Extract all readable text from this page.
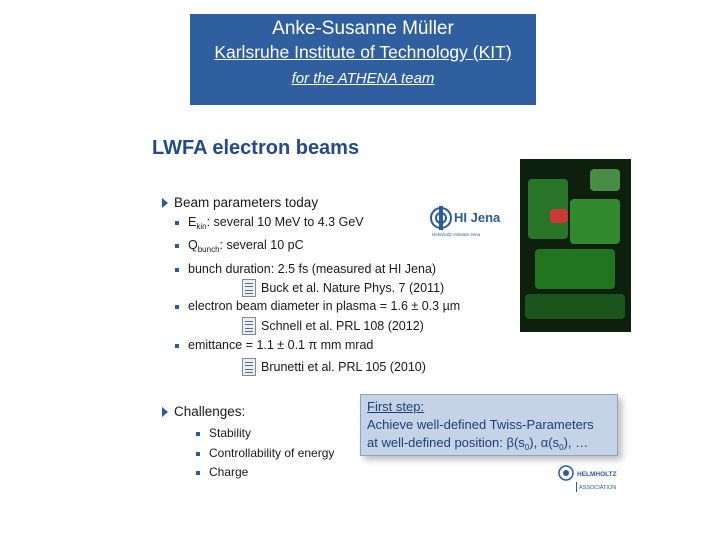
Anke-Susanne Müller
Karlsruhe Institute of Technology (KIT)
for the ATHENA team
LWFA electron beams
HI Jena
Helmholtz Institute Jena
Beam parameters today
$E_{kin}$: several 10 MeV to 4.3 GeV
$Q_{bunch}$: several 10 pC
bunch duration: 2.5 fs (measured at HI Jena)
Buck et al. Nature Phys. 7 (2011)
electron beam diameter in plasma = 1.6 ± 0.3 µm
Schnell et al. PRL 108 (2012)
emittance = 1.1 ± 0.1 π mm mrad
Brunetti et al. PRL 105 (2010)
Challenges:
Stability
Controllability of energy
Charge
First step:
Achieve well-defined Twiss-Parameters
at well-defined position: $\beta(s_0)$, $\alpha(s_0)$, …
HELMHOLTZ
ASSOCIATION
